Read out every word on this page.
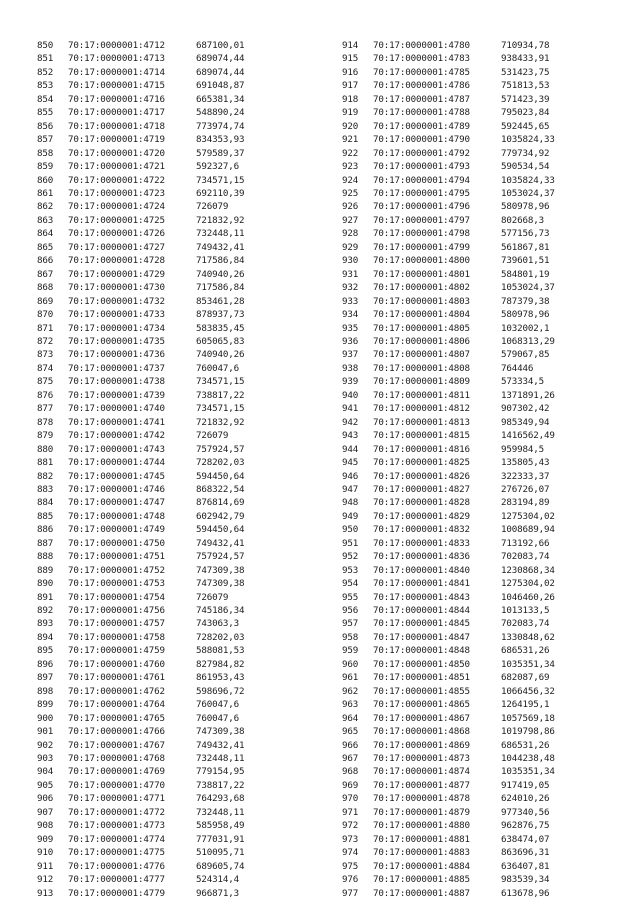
850 70:17:0000001:4712	687100,01
851 70:17:0000001:4713	689074,44
852 70:17:0000001:4714	689074,44
853 70:17:0000001:4715	691048,87
854 70:17:0000001:4716	665381,34
855 70:17:0000001:4717	548890,24
856 70:17:0000001:4718	773974,74
857 70:17:0000001:4719	834353,93
858 70:17:0000001:4720	579589,37
859 70:17:0000001:4721	592327,6
860 70:17:0000001:4722	734571,15
861 70:17:0000001:4723	692110,39
862 70:17:0000001:4724	726079
863 70:17:0000001:4725	721832,92
864 70:17:0000001:4726	732448,11
865 70:17:0000001:4727	749432,41
866 70:17:0000001:4728	717586,84
867 70:17:0000001:4729	740940,26
868 70:17:0000001:4730	717586,84
869 70:17:0000001:4732	853461,28
870 70:17:0000001:4733	878937,73
871 70:17:0000001:4734	583835,45
872 70:17:0000001:4735	605065,83
873 70:17:0000001:4736	740940,26
874 70:17:0000001:4737	760047,6
875 70:17:0000001:4738	734571,15
876 70:17:0000001:4739	738817,22
877 70:17:0000001:4740	734571,15
878 70:17:0000001:4741	721832,92
879 70:17:0000001:4742	726079
880 70:17:0000001:4743	757924,57
881 70:17:0000001:4744	728202,03
882 70:17:0000001:4745	594450,64
883 70:17:0000001:4746	868322,54
884 70:17:0000001:4747	876814,69
885 70:17:0000001:4748	602942,79
886 70:17:0000001:4749	594450,64
887 70:17:0000001:4750	749432,41
888 70:17:0000001:4751	757924,57
889 70:17:0000001:4752	747309,38
890 70:17:0000001:4753	747309,38
891 70:17:0000001:4754	726079
892 70:17:0000001:4756	745186,34
893 70:17:0000001:4757	743063,3
894 70:17:0000001:4758	728202,03
895 70:17:0000001:4759	588081,53
896 70:17:0000001:4760	827984,82
897 70:17:0000001:4761	861953,43
898 70:17:0000001:4762	598696,72
899 70:17:0000001:4764	760047,6
900 70:17:0000001:4765	760047,6
901 70:17:0000001:4766	747309,38
902 70:17:0000001:4767	749432,41
903 70:17:0000001:4768	732448,11
904 70:17:0000001:4769	779154,95
905 70:17:0000001:4770	738817,22
906 70:17:0000001:4771	764293,68
907 70:17:0000001:4772	732448,11
908 70:17:0000001:4773	585958,49
909 70:17:0000001:4774	777031,91
910 70:17:0000001:4775	510095,71
911 70:17:0000001:4776	689605,74
912 70:17:0000001:4777	524314,4
913 70:17:0000001:4779	966871,3
914 70:17:0000001:4780	710934,78
915 70:17:0000001:4783	938433,91
916 70:17:0000001:4785	531423,75
917 70:17:0000001:4786	751813,53
918 70:17:0000001:4787	571423,39
919 70:17:0000001:4788	795023,84
920 70:17:0000001:4789	592445,65
921 70:17:0000001:4790	1035824,33
922 70:17:0000001:4792	779734,92
923 70:17:0000001:4793	590534,54
924 70:17:0000001:4794	1035824,33
925 70:17:0000001:4795	1053024,37
926 70:17:0000001:4796	580978,96
927 70:17:0000001:4797	802668,3
928 70:17:0000001:4798	577156,73
929 70:17:0000001:4799	561867,81
930 70:17:0000001:4800	739601,51
931 70:17:0000001:4801	584801,19
932 70:17:0000001:4802	1053024,37
933 70:17:0000001:4803	787379,38
934 70:17:0000001:4804	580978,96
935 70:17:0000001:4805	1032002,1
936 70:17:0000001:4806	1068313,29
937 70:17:0000001:4807	579067,85
938 70:17:0000001:4808	764446
939 70:17:0000001:4809	573334,5
940 70:17:0000001:4811	1371891,26
941 70:17:0000001:4812	907302,42
942 70:17:0000001:4813	985349,94
943 70:17:0000001:4815	1416562,49
944 70:17:0000001:4816	959984,5
945 70:17:0000001:4825	135805,43
946 70:17:0000001:4826	322333,37
947 70:17:0000001:4827	276726,07
948 70:17:0000001:4828	283194,89
949 70:17:0000001:4829	1275304,02
950 70:17:0000001:4832	1008689,94
951 70:17:0000001:4833	713192,66
952 70:17:0000001:4836	702083,74
953 70:17:0000001:4840	1230868,34
954 70:17:0000001:4841	1275304,02
955 70:17:0000001:4843	1046460,26
956 70:17:0000001:4844	1013133,5
957 70:17:0000001:4845	702083,74
958 70:17:0000001:4847	1330848,62
959 70:17:0000001:4848	686531,26
960 70:17:0000001:4850	1035351,34
961 70:17:0000001:4851	682087,69
962 70:17:0000001:4855	1066456,32
963 70:17:0000001:4865	1264195,1
964 70:17:0000001:4867	1057569,18
965 70:17:0000001:4868	1019798,86
966 70:17:0000001:4869	686531,26
967 70:17:0000001:4873	1044238,48
968 70:17:0000001:4874	1035351,34
969 70:17:0000001:4877	917419,05
970 70:17:0000001:4878	624010,26
971 70:17:0000001:4879	977340,56
972 70:17:0000001:4880	962876,75
973 70:17:0000001:4881	638474,07
974 70:17:0000001:4883	863696,31
975 70:17:0000001:4884	636407,81
976 70:17:0000001:4885	983539,34
977 70:17:0000001:4887	613678,96
